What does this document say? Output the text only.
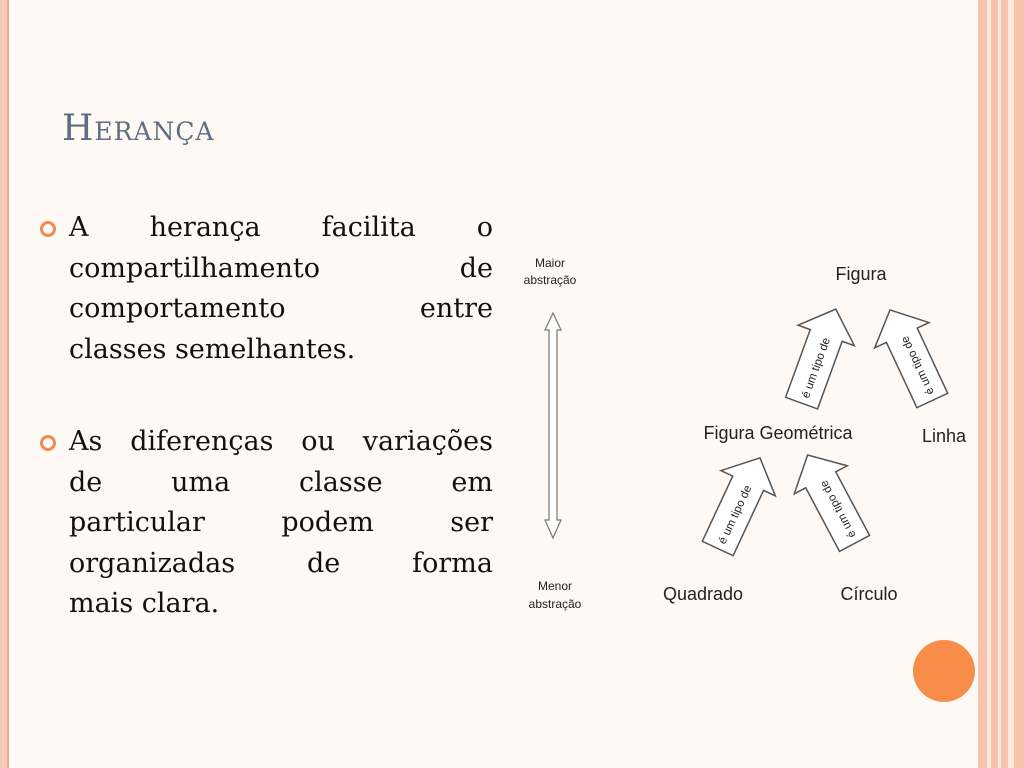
Herança
A herança facilita o
compartilhamento de
comportamento entre
classes semelhantes.
As diferenças ou variações
de uma classe em
particular podem ser
organizadas de forma
mais clara.
Maior
abstração
Menor
abstração
Figura
Figura Geométrica	Linha
Quadrado	Círculo
é um tipo de	é um tipo de
é um tipo de	é um tipo de
